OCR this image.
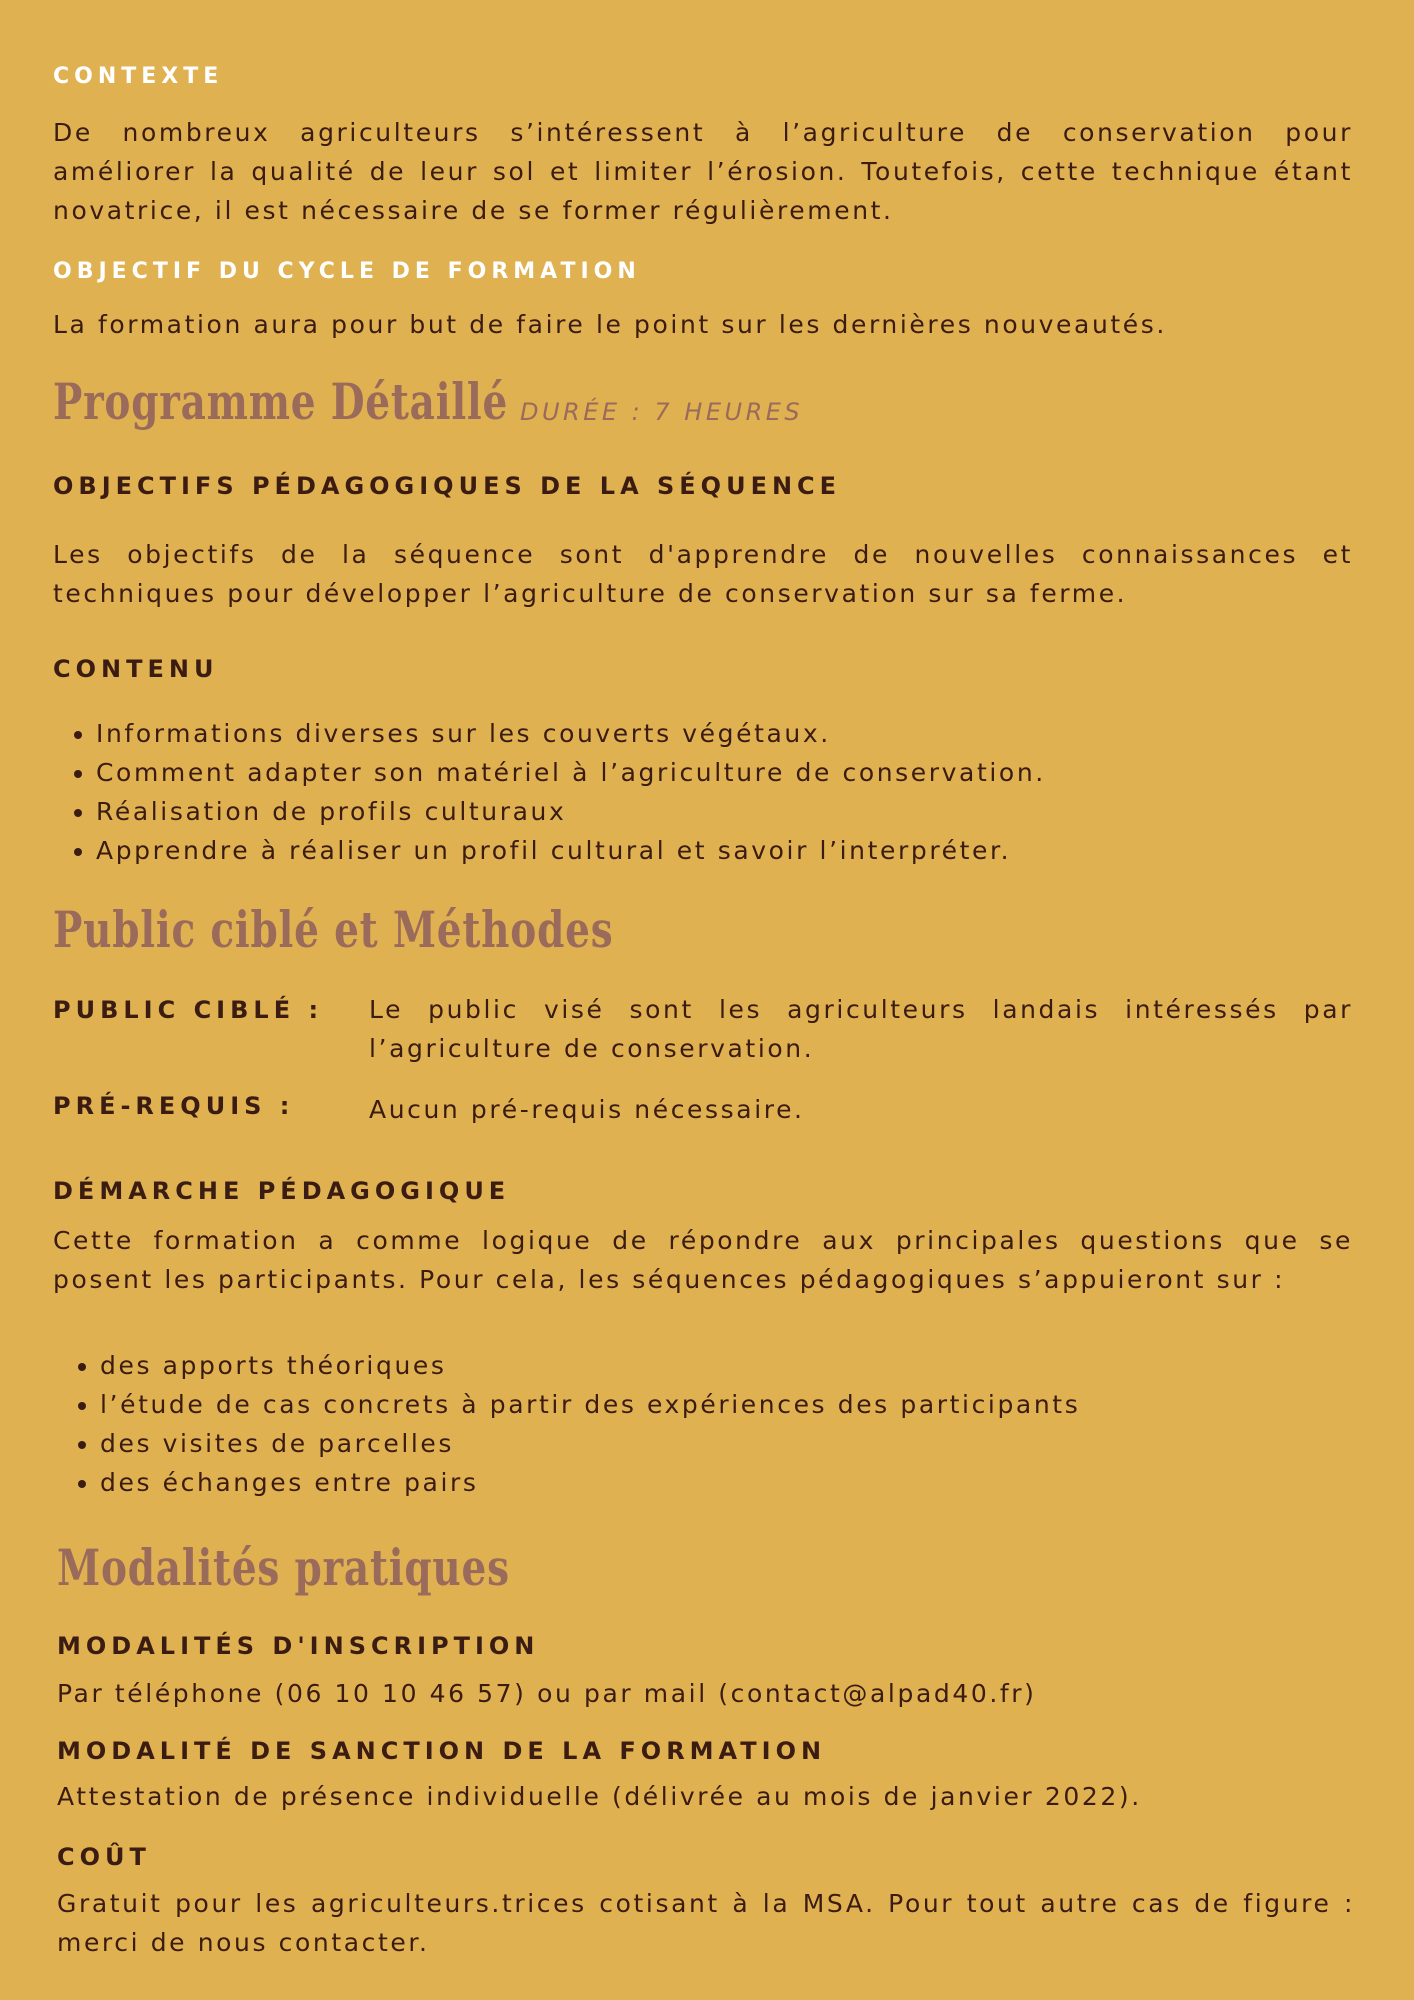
CONTEXTE

De nombreux agriculteurs s’intéressent à l’agriculture de conservation pour améliorer la qualité de leur sol et limiter l’érosion. Toutefois, cette technique étant novatrice, il est nécessaire de se former régulièrement.

OBJECTIF DU CYCLE DE FORMATION

La formation aura pour but de faire le point sur les dernières nouveautés.

Programme Détaillé DURÉE : 7 HEURES
OBJECTIFS PÉDAGOGIQUES DE LA SÉQUENCE

Les objectifs de la séquence sont d'apprendre de nouvelles connaissances et techniques pour développer l’agriculture de conservation sur sa ferme.

CONTENU
• Informations diverses sur les couverts végétaux.
• Comment adapter son matériel à l’agriculture de conservation.
• Réalisation de profils culturaux
• Apprendre à réaliser un profil cultural et savoir l’interpréter.
Public ciblé et Méthodes
PUBLIC CIBLÉ : Le public visé sont les agriculteurs landais intéressés par l’agriculture de conservation.
PRÉ-REQUIS :	Aucun pré-requis nécessaire.
DÉMARCHE PÉDAGOGIQUE

Cette formation a comme logique de répondre aux principales questions que se posent les participants. Pour cela, les séquences pédagogiques s’appuieront sur :

• des apports théoriques
• l’étude de cas concrets à partir des expériences des participants
• des visites de parcelles
• des échanges entre pairs
Modalités pratiques
MODALITÉS D'INSCRIPTION

Par téléphone (06 10 10 46 57) ou par mail (contact@alpad40.fr)

MODALITÉ DE SANCTION DE LA FORMATION

Attestation de présence individuelle (délivrée au mois de janvier 2022).

COÛT

Gratuit pour les agriculteurs.trices cotisant à la MSA. Pour tout autre cas de figure : merci de nous contacter.
